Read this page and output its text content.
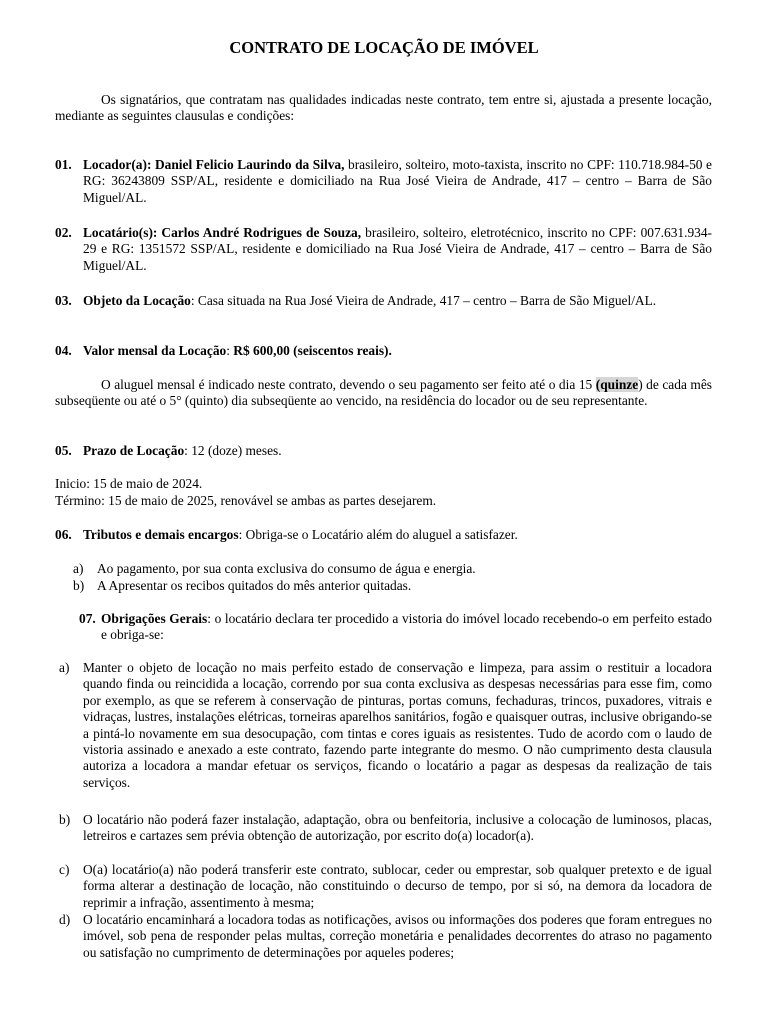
CONTRATO DE LOCAÇÃO DE IMÓVEL

Os signatários, que contratam nas qualidades indicadas neste contrato, tem entre si, ajustada a presente locação, mediante as seguintes clausulas e condições:

01. Locador(a): Daniel Felicio Laurindo da Silva, brasileiro, solteiro, moto-taxista, inscrito no CPF: 110.718.984-50 e RG: 36243809 SSP/AL, residente e domiciliado na Rua José Vieira de Andrade, 417 – centro – Barra de São Miguel/AL.

02. Locatário(s): Carlos André Rodrigues de Souza, brasileiro, solteiro, eletrotécnico, inscrito no CPF: 007.631.934-29 e RG: 1351572 SSP/AL, residente e domiciliado na Rua José Vieira de Andrade, 417 – centro – Barra de São Miguel/AL.

03. Objeto da Locação: Casa situada na Rua José Vieira de Andrade, 417 – centro – Barra de São Miguel/AL.

04. Valor mensal da Locação: R$ 600,00 (seiscentos reais).

O aluguel mensal é indicado neste contrato, devendo o seu pagamento ser feito até o dia 15 (quinze) de cada mês subseqüente ou até o 5° (quinto) dia subseqüente ao vencido, na residência do locador ou de seu representante.

05. Prazo de Locação: 12 (doze) meses.

Inicio: 15 de maio de 2024.
Término: 15 de maio de 2025, renovável se ambas as partes desejarem.
06. Tributos e demais encargos: Obriga-se o Locatário além do aluguel a satisfazer.

a) Ao pagamento, por sua conta exclusiva do consumo de água e energia.
b) A Apresentar os recibos quitados do mês anterior quitadas.
07. Obrigações Gerais: o locatário declara ter procedido a vistoria do imóvel locado recebendo-o em perfeito estado e obriga-se:

a) Manter o objeto de locação no mais perfeito estado de conservação e limpeza, para assim o restituir a locadora quando finda ou reincidida a locação, correndo por sua conta exclusiva as despesas necessárias para esse fim, como por exemplo, as que se referem à conservação de pinturas, portas comuns, fechaduras, trincos, puxadores, vitrais e vidraças, lustres, instalações elétricas, torneiras aparelhos sanitários, fogão e quaisquer outras, inclusive obrigando-se a pintá-lo novamente em sua desocupação, com tintas e cores iguais as resistentes. Tudo de acordo com o laudo de vistoria assinado e anexado a este contrato, fazendo parte integrante do mesmo. O não cumprimento desta clausula autoriza a locadora a mandar efetuar os serviços, ficando o locatário a pagar as despesas da realização de tais serviços.

b) O locatário não poderá fazer instalação, adaptação, obra ou benfeitoria, inclusive a colocação de luminosos, placas, letreiros e cartazes sem prévia obtenção de autorização, por escrito do(a) locador(a).

c) O(a) locatário(a) não poderá transferir este contrato, sublocar, ceder ou emprestar, sob qualquer pretexto e de igual forma alterar a destinação de locação, não constituindo o decurso de tempo, por si só, na demora da locadora de reprimir a infração, assentimento à mesma;

d) O locatário encaminhará a locadora todas as notificações, avisos ou informações dos poderes que foram entregues no imóvel, sob pena de responder pelas multas, correção monetária e penalidades decorrentes do atraso no pagamento ou satisfação no cumprimento de determinações por aqueles poderes;
